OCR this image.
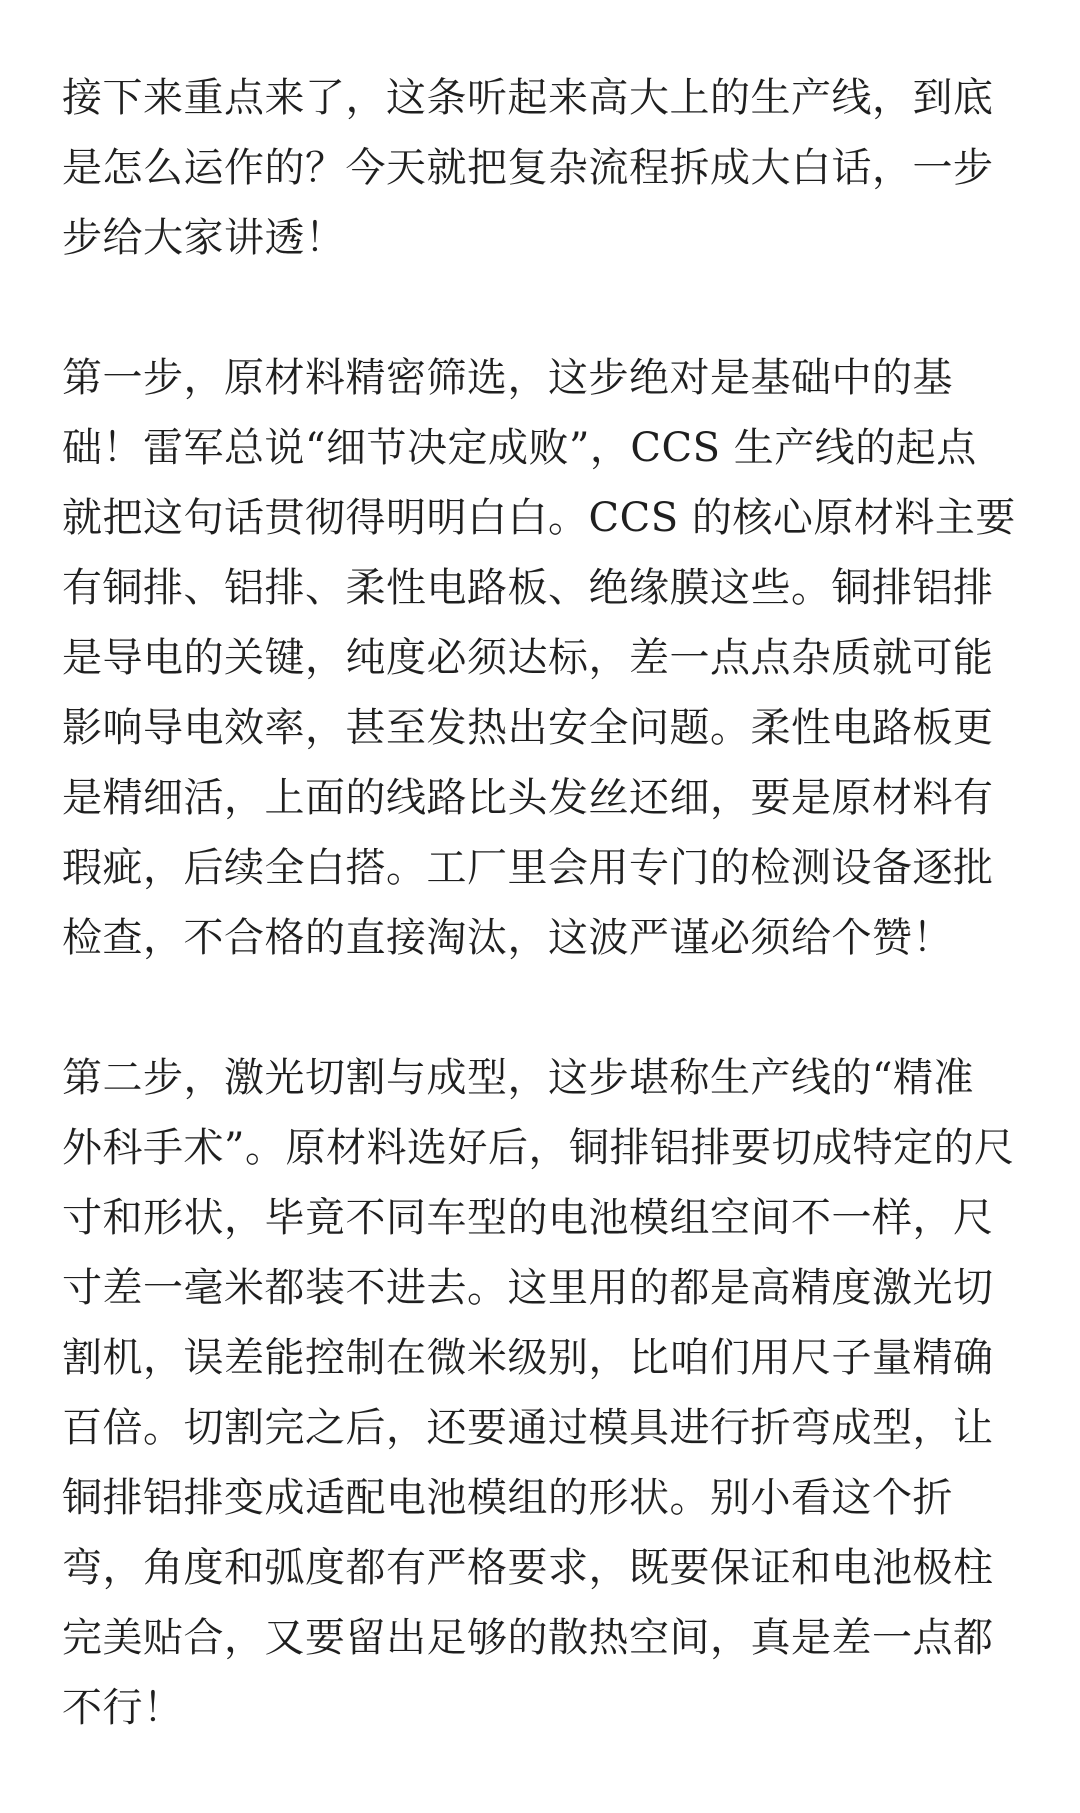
接下来重点来了，这条听起来高大上的生产线，到底
是怎么运作的？今天就把复杂流程拆成大白话，一步
步给大家讲透！

第一步，原材料精密筛选，这步绝对是基础中的基
础！雷军总说“细节决定成败”，CCS 生产线的起点
就把这句话贯彻得明明白白。CCS 的核心原材料主要
有铜排、铝排、柔性电路板、绝缘膜这些。铜排铝排
是导电的关键，纯度必须达标，差一点点杂质就可能
影响导电效率，甚至发热出安全问题。柔性电路板更
是精细活，上面的线路比头发丝还细，要是原材料有
瑕疵，后续全白搭。工厂里会用专门的检测设备逐批
检查，不合格的直接淘汰，这波严谨必须给个赞！

第二步，激光切割与成型，这步堪称生产线的“精准
外科手术”。原材料选好后，铜排铝排要切成特定的尺
寸和形状，毕竟不同车型的电池模组空间不一样，尺
寸差一毫米都装不进去。这里用的都是高精度激光切
割机，误差能控制在微米级别，比咱们用尺子量精确
百倍。切割完之后，还要通过模具进行折弯成型，让
铜排铝排变成适配电池模组的形状。别小看这个折
弯，角度和弧度都有严格要求，既要保证和电池极柱
完美贴合，又要留出足够的散热空间，真是差一点都
不行！
